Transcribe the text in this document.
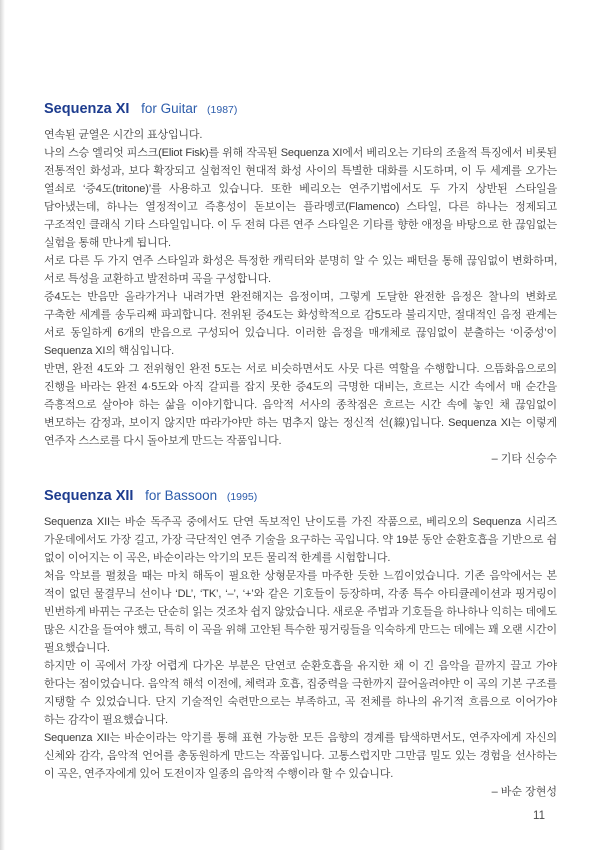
Sequenza XI for Guitar (1987)

연속된 균열은 시간의 표상입니다.

나의 스승 엘리엇 피스크(Eliot Fisk)를 위해 작곡된 Sequenza XI에서 베리오는 기타의 조율적 특징에서 비롯된 전통적인 화성과, 보다 확장되고 실험적인 현대적 화성 사이의 특별한 대화를 시도하며, 이 두 세계를 오가는 열쇠로 ‘증4도(tritone)’를 사용하고 있습니다. 또한 베리오는 연주기법에서도 두 가지 상반된 스타일을 담아냈는데, 하나는 열정적이고 즉흥성이 돋보이는 플라멩코(Flamenco) 스타일, 다른 하나는 정제되고 구조적인 클래식 기타 스타일입니다. 이 두 전혀 다른 연주 스타일은 기타를 향한 애정을 바탕으로 한 끊임없는 실험을 통해 만나게 됩니다.

서로 다른 두 가지 연주 스타일과 화성은 특정한 캐릭터와 분명히 알 수 있는 패턴을 통해 끊임없이 변화하며, 서로 특성을 교환하고 발전하며 곡을 구성합니다.

증4도는 반음만 올라가거나 내려가면 완전해지는 음정이며, 그렇게 도달한 완전한 음정은 찰나의 변화로 구축한 세계를 송두리째 파괴합니다. 전위된 증4도는 화성학적으로 감5도라 불리지만, 절대적인 음정 관계는 서로 동일하게 6개의 반음으로 구성되어 있습니다. 이러한 음정을 매개체로 끊임없이 분출하는 ‘이중성’이 Sequenza XI의 핵심입니다.

반면, 완전 4도와 그 전위형인 완전 5도는 서로 비슷하면서도 사뭇 다른 역할을 수행합니다. 으뜸화음으로의 진행을 바라는 완전 4·5도와 아직 갈피를 잡지 못한 증4도의 극명한 대비는, 흐르는 시간 속에서 매 순간을 즉흥적으로 살아야 하는 삶을 이야기합니다. 음악적 서사의 종착점은 흐르는 시간 속에 놓인 채 끊임없이 변모하는 감정과, 보이지 않지만 따라가야만 하는 멈추지 않는 정신적 선(線)입니다. Sequenza XI는 이렇게 연주자 스스로를 다시 돌아보게 만드는 작품입니다.

– 기타 신승수

Sequenza XII for Bassoon (1995)

Sequenza XII는 바순 독주곡 중에서도 단연 독보적인 난이도를 가진 작품으로, 베리오의 Sequenza 시리즈 가운데에서도 가장 길고, 가장 극단적인 연주 기술을 요구하는 곡입니다. 약 19분 동안 순환호흡을 기반으로 쉼 없이 이어지는 이 곡은, 바순이라는 악기의 모든 물리적 한계를 시험합니다.

처음 악보를 펼쳤을 때는 마치 해독이 필요한 상형문자를 마주한 듯한 느낌이었습니다. 기존 음악에서는 본 적이 없던 물결무늬 선이나 ‘DL’, ‘TK’, ‘–’, ‘+’와 같은 기호들이 등장하며, 각종 특수 아티큘레이션과 핑거링이 빈번하게 바뀌는 구조는 단순히 읽는 것조차 쉽지 않았습니다. 새로운 주법과 기호들을 하나하나 익히는 데에도 많은 시간을 들여야 했고, 특히 이 곡을 위해 고안된 특수한 핑거링들을 익숙하게 만드는 데에는 꽤 오랜 시간이 필요했습니다.

하지만 이 곡에서 가장 어렵게 다가온 부분은 단연코 순환호흡을 유지한 채 이 긴 음악을 끝까지 끌고 가야 한다는 점이었습니다. 음악적 해석 이전에, 체력과 호흡, 집중력을 극한까지 끌어올려야만 이 곡의 기본 구조를 지탱할 수 있었습니다. 단지 기술적인 숙련만으로는 부족하고, 곡 전체를 하나의 유기적 흐름으로 이어가야 하는 감각이 필요했습니다.

Sequenza XII는 바순이라는 악기를 통해 표현 가능한 모든 음향의 경계를 탐색하면서도, 연주자에게 자신의 신체와 감각, 음악적 언어를 총동원하게 만드는 작품입니다. 고통스럽지만 그만큼 밀도 있는 경험을 선사하는 이 곡은, 연주자에게 있어 도전이자 일종의 음악적 수행이라 할 수 있습니다.

– 바순 장현성

11
